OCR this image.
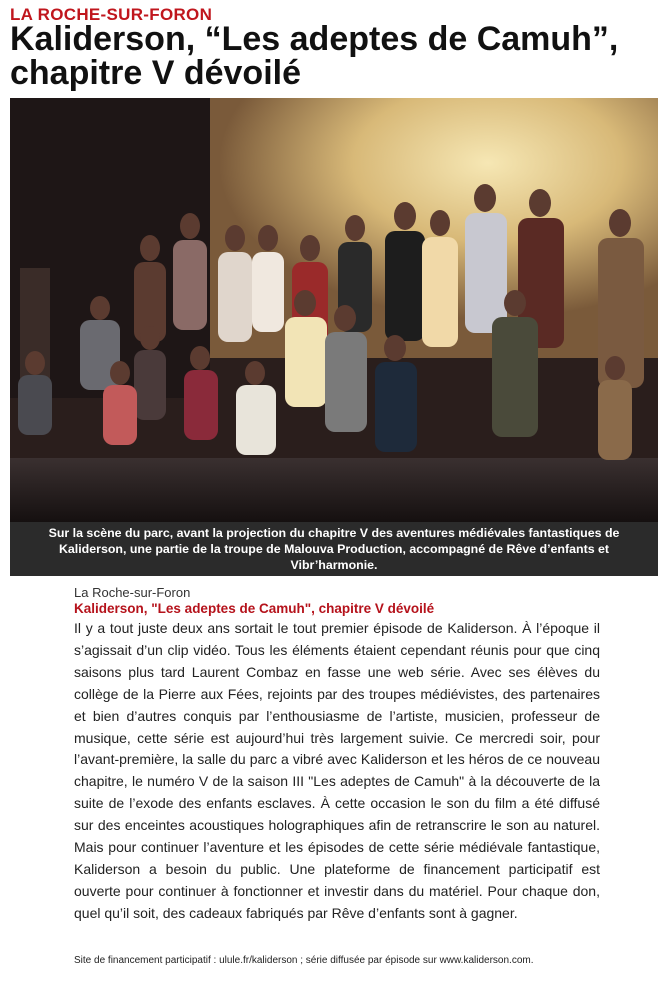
LA ROCHE-SUR-FORON
Kaliderson, “Les adeptes de Camuh”, chapitre V dévoilé
Sur la scène du parc, avant la projection du chapitre V des aventures médiévales fantastiques de Kaliderson, une partie de la troupe de Malouva Production, accompagné de Rêve d’enfants et Vibr’harmonie.
La Roche-sur-Foron
Kaliderson, "Les adeptes de Camuh", chapitre V dévoilé

Il y a tout juste deux ans sortait le tout premier épisode de Kaliderson. À l’époque il s’agissait d’un clip vidéo. Tous les éléments étaient cependant réunis pour que cinq saisons plus tard Laurent Combaz en fasse une web série. Avec ses élèves du collège de la Pierre aux Fées, rejoints par des troupes médiévistes, des partenaires et bien d’autres conquis par l’enthousiasme de l’artiste, musicien, professeur de musique, cette série est aujourd’hui très largement suivie. Ce mercredi soir, pour l’avant-première, la salle du parc a vibré avec Kaliderson et les héros de ce nouveau chapitre, le numéro V de la saison III "Les adeptes de Camuh" à la découverte de la suite de l’exode des enfants esclaves. À cette occasion le son du film a été diffusé sur des enceintes acoustiques holographiques afin de retranscrire le son au naturel. Mais pour continuer l’aventure et les épisodes de cette série médiévale fantastique, Kaliderson a besoin du public. Une plateforme de financement participatif est ouverte pour continuer à fonctionner et investir dans du matériel. Pour chaque don, quel qu’il soit, des cadeaux fabriqués par Rêve d’enfants sont à gagner.

Site de financement participatif : ulule.fr/kaliderson ; série diffusée par épisode sur www.kaliderson.com.
